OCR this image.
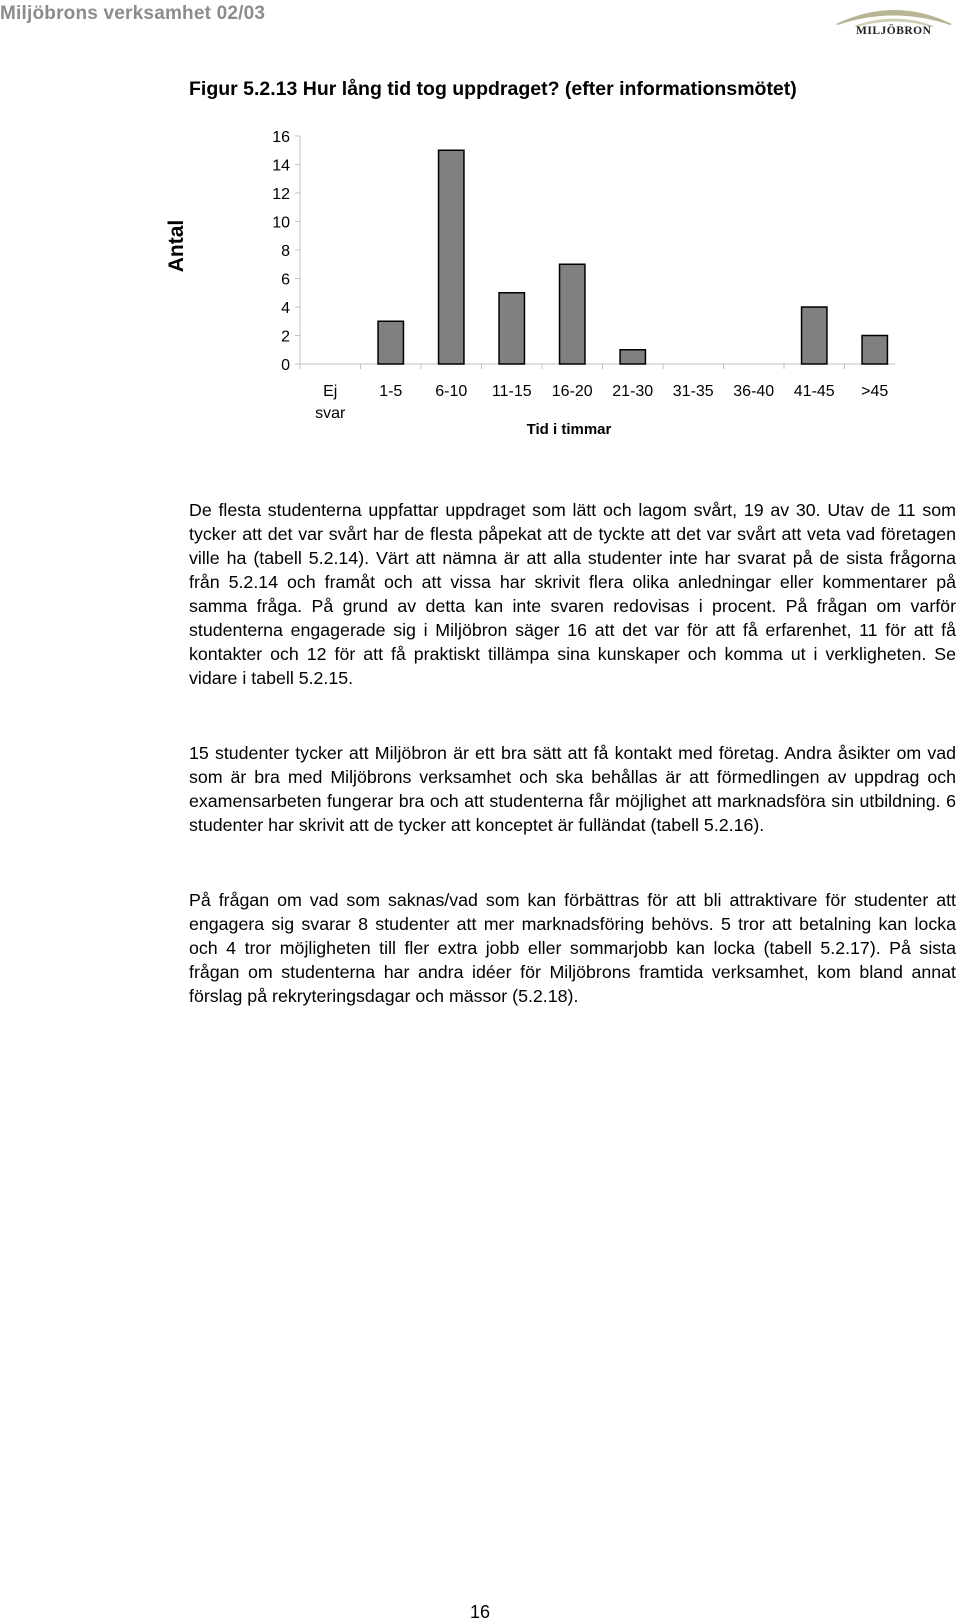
Miljöbrons verksamhet 02/03
MILJÖBRON
Figur 5.2.13 Hur lång tid tog uppdraget? (efter informationsmötet)
0
2
4
6
8
10
12
14
16
Ej svar
1-5 6-10 11-15 16-20 21-30 31-35 36-40 41-45 >45
Antal
Tid i timmar

De flesta studenterna uppfattar uppdraget som lätt och lagom svårt, 19 av 30. Utav de 11 som tycker att det var svårt har de flesta påpekat att de tyckte att det var svårt att veta vad företagen ville ha (tabell 5.2.14). Värt att nämna är att alla studenter inte har svarat på de sista frågorna från 5.2.14 och framåt och att vissa har skrivit flera olika anledningar eller kommentarer på samma fråga. På grund av detta kan inte svaren redovisas i procent. På frågan om varför studenterna engagerade sig i Miljöbron säger 16 att det var för att få erfarenhet, 11 för att få kontakter och 12 för att få praktiskt tillämpa sina kunskaper och komma ut i verkligheten. Se vidare i tabell 5.2.15.

15 studenter tycker att Miljöbron är ett bra sätt att få kontakt med företag. Andra åsikter om vad som är bra med Miljöbrons verksamhet och ska behållas är att förmedlingen av uppdrag och examensarbeten fungerar bra och att studenterna får möjlighet att marknadsföra sin utbildning. 6 studenter har skrivit att de tycker att konceptet är fulländat (tabell 5.2.16).

På frågan om vad som saknas/vad som kan förbättras för att bli attraktivare för studenter att engagera sig svarar 8 studenter att mer marknadsföring behövs. 5 tror att betalning kan locka och 4 tror möjligheten till fler extra jobb eller sommarjobb kan locka (tabell 5.2.17). På sista frågan om studenterna har andra idéer för Miljöbrons framtida verksamhet, kom bland annat förslag på rekryteringsdagar och mässor (5.2.18).

16
